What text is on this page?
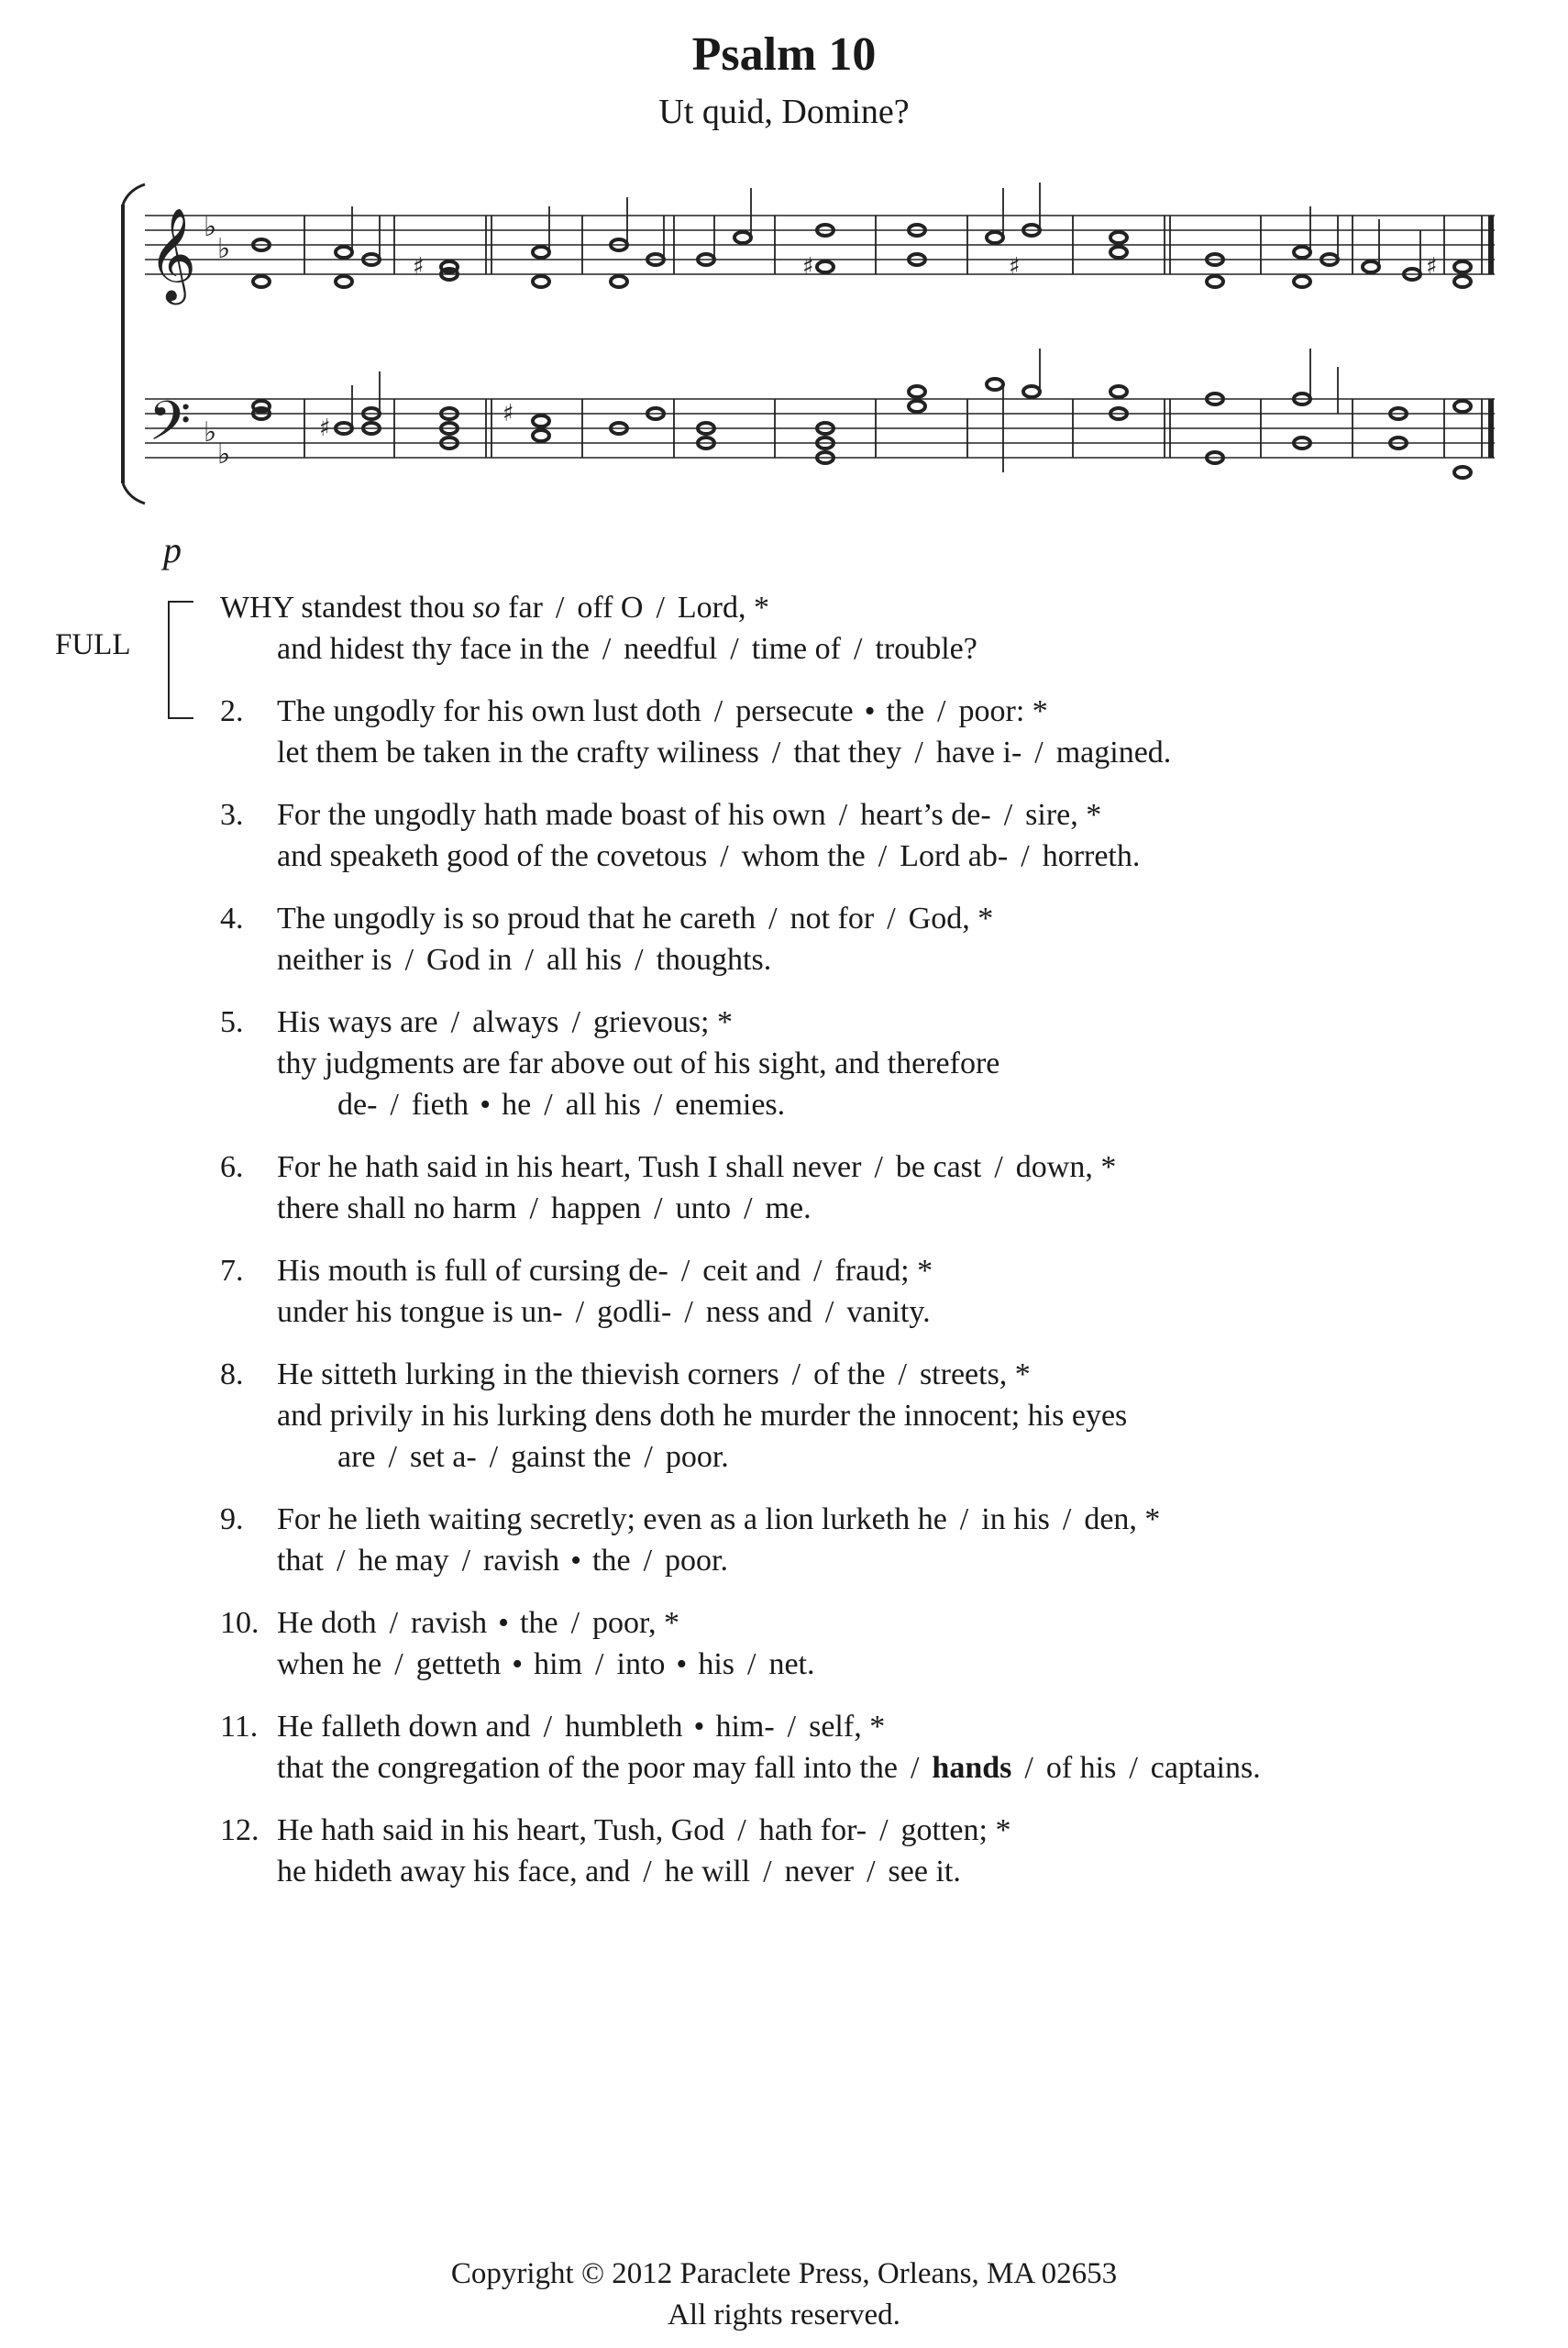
Psalm 10

Ut quid, Domine?

𝄞
𝄢
♭
♭
♭
♭
♯	♯	♯	♯
♯
♯
p
FULL
WHY standest thou so far / off O / Lord, *
and hidest thy face in the / needful / time of / trouble?
2. The ungodly for his own lust doth / persecute • the / poor: *
let them be taken in the crafty wiliness / that they / have i- / magined.
3. For the ungodly hath made boast of his own / heart’s de- / sire, *
and speaketh good of the covetous / whom the / Lord ab- / horreth.
4. The ungodly is so proud that he careth / not for / God, *
neither is / God in / all his / thoughts.
5. His ways are / always / grievous; *
thy judgments are far above out of his sight, and therefore
de- / fieth • he / all his / enemies.
6. For he hath said in his heart, Tush I shall never / be cast / down, *
there shall no harm / happen / unto / me.
7. His mouth is full of cursing de- / ceit and / fraud; *
under his tongue is un- / godli- / ness and / vanity.
8. He sitteth lurking in the thievish corners / of the / streets, *
and privily in his lurking dens doth he murder the innocent; his eyes
are / set a- / gainst the / poor.
9. For he lieth waiting secretly; even as a lion lurketh he / in his / den, *
that / he may / ravish • the / poor.
10. He doth / ravish • the / poor, *
when he / getteth • him / into • his / net.
11. He falleth down and / humbleth • him- / self, *
that the congregation of the poor may fall into the / hands / of his / captains.
12. He hath said in his heart, Tush, God / hath for- / gotten; *
he hideth away his face, and / he will / never / see it.
Copyright © 2012 Paraclete Press, Orleans, MA 02653
All rights reserved.
